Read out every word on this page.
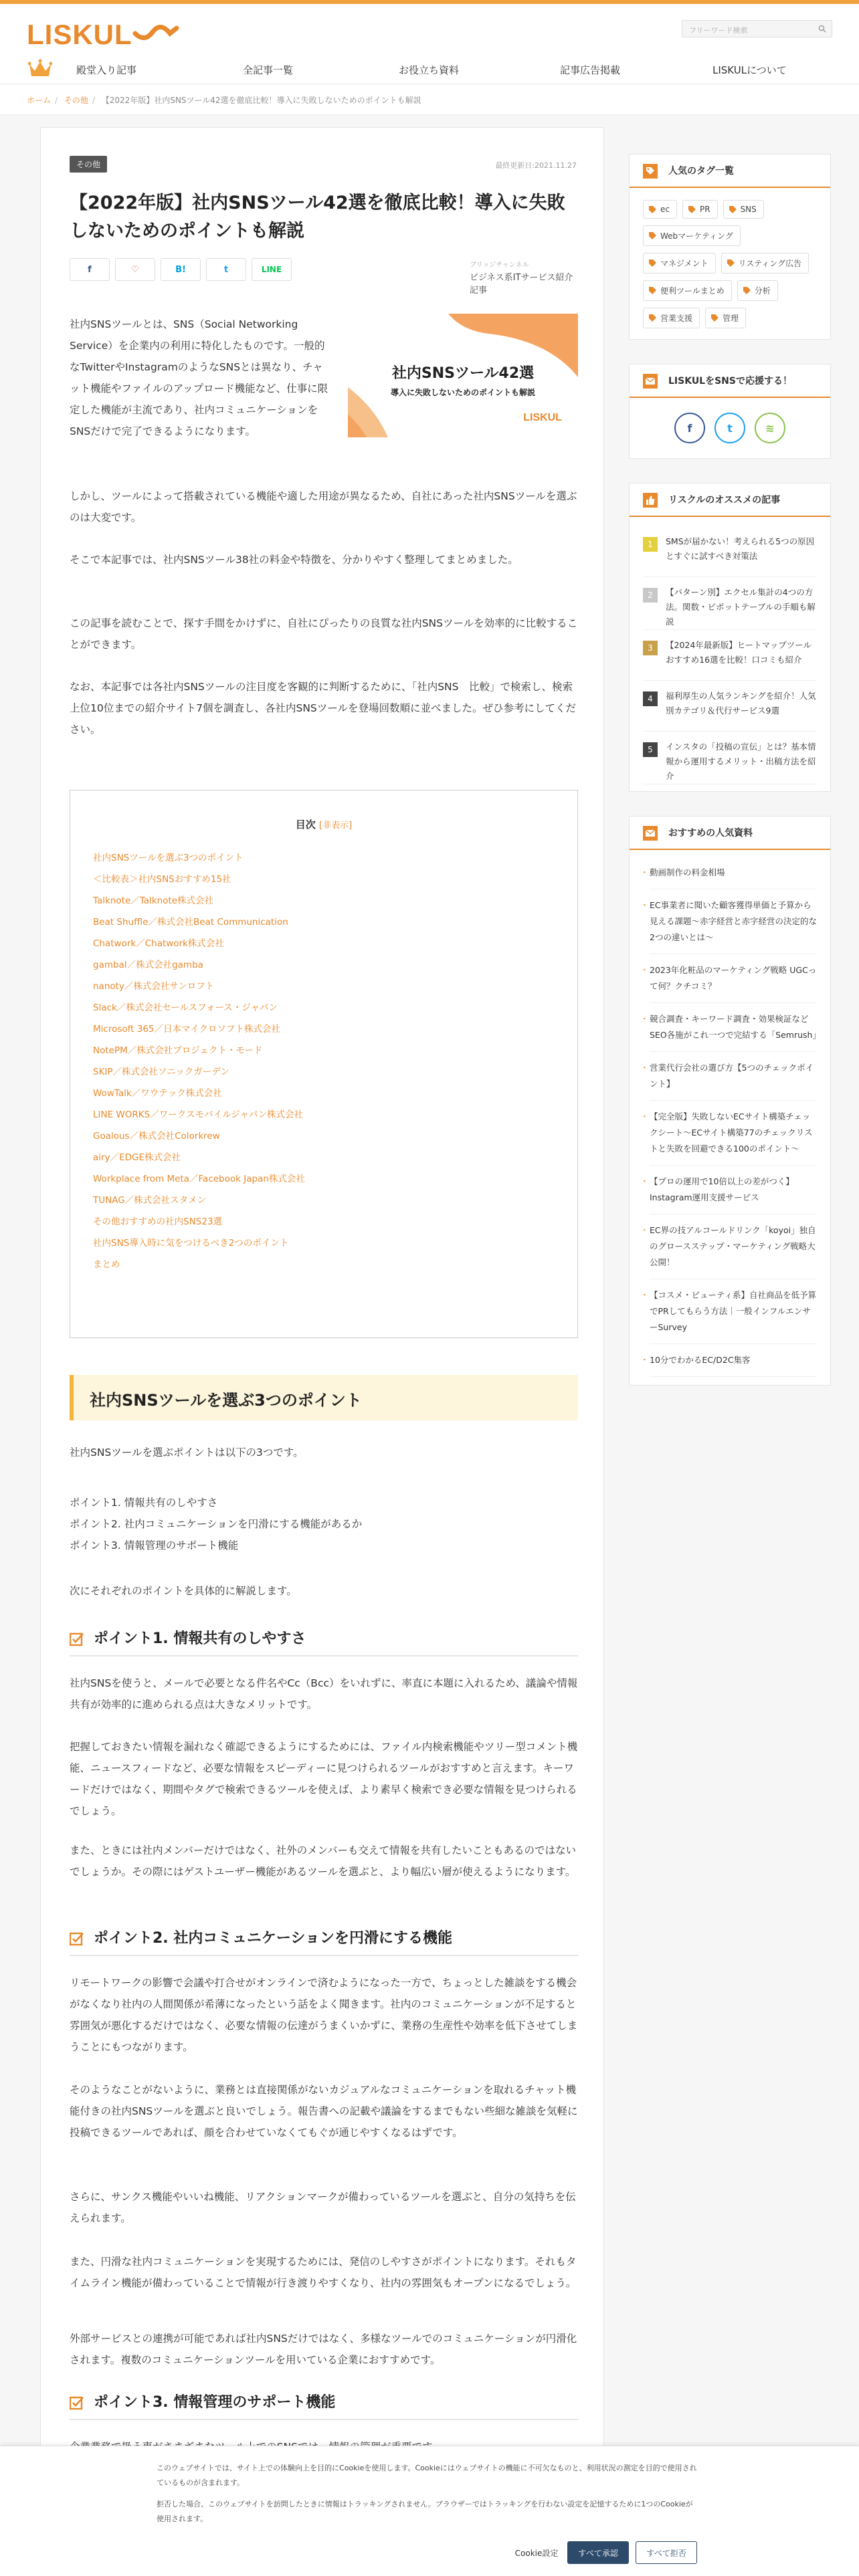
LISKUL	フリーワード検索
殿堂入り記事	全記事一覧	お役立ち資料	記事広告掲載	LISKULについて
ホーム / その他 / 【2022年版】社内SNSツール42選を徹底比較！導入に失敗しないためのポイントも解説
その他	最終更新日:2021.11.27
【2022年版】社内SNSツール42選を徹底比較！導入に失敗しないためのポイントも解説
f	♡	B!	t	LINE	ブリッジチャンネル
ビジネス系ITサービス紹介記事
社内SNSツール42選
導入に失敗しないためのポイントも解説
LISKUL

社内SNSツールとは、SNS（Social Networking Service）を企業内の利用に特化したものです。一般的なTwitterやInstagramのようなSNSとは異なり、チャット機能やファイルのアップロード機能など、仕事に限定した機能が主流であり、社内コミュニケーションをSNSだけで完了できるようになります。

しかし、ツールによって搭載されている機能や適した用途が異なるため、自社にあった社内SNSツールを選ぶのは大変です。

そこで本記事では、社内SNSツール38社の料金や特徴を、分かりやすく整理してまとめました。

この記事を読むことで、探す手間をかけずに、自社にぴったりの良質な社内SNSツールを効率的に比較することができます。

なお、本記事では各社内SNSツールの注目度を客観的に判断するために、「社内SNS　比較」で検索し、検索上位10位までの紹介サイト7個を調査し、各社内SNSツールを登場回数順に並べました。ぜひ参考にしてください。

目次 [非表示]
社内SNSツールを選ぶ3つのポイント
＜比較表＞社内SNSおすすめ15社
Talknote／Talknote株式会社
Beat Shuffle／株式会社Beat Communication
Chatwork／Chatwork株式会社
gambal／株式会社gambа
nanoty／株式会社サンロフト
Slack／株式会社セールスフォース・ジャパン
Microsoft 365／日本マイクロソフト株式会社
NotePM／株式会社プロジェクト・モード
SKIP／株式会社ソニックガーデン
WowTalk／ワウテック株式会社
LINE WORKS／ワークスモバイルジャパン株式会社
Goalous／株式会社Colorkrew
airy／EDGE株式会社
Workplace from Meta／Facebook Japan株式会社
TUNAG／株式会社スタメン
その他おすすめの社内SNS23選
社内SNS導入時に気をつけるべき2つのポイント
まとめ
社内SNSツールを選ぶ3つのポイント

社内SNSツールを選ぶポイントは以下の3つです。

ポイント1. 情報共有のしやすさ

ポイント2. 社内コミュニケーションを円滑にする機能があるか

ポイント3. 情報管理のサポート機能

次にそれぞれのポイントを具体的に解説します。

ポイント1. 情報共有のしやすさ

社内SNSを使うと、メールで必要となる件名やCc（Bcc）をいれずに、率直に本題に入れるため、議論や情報共有が効率的に進められる点は大きなメリットです。

把握しておきたい情報を漏れなく確認できるようにするためには、ファイル内検索機能やツリー型コメント機能、ニュースフィードなど、必要な情報をスピーディーに見つけられるツールがおすすめと言えます。キーワードだけではなく、期間やタグで検索できるツールを使えば、より素早く検索でき必要な情報を見つけられるでしょう。

また、ときには社内メンバーだけではなく、社外のメンバーも交えて情報を共有したいこともあるのではないでしょうか。その際にはゲストユーザー機能があるツールを選ぶと、より幅広い層が使えるようになります。

ポイント2. 社内コミュニケーションを円滑にする機能

リモートワークの影響で会議や打合せがオンラインで済むようになった一方で、ちょっとした雑談をする機会がなくなり社内の人間関係が希薄になったという話をよく聞きます。社内のコミュニケーションが不足すると雰囲気が悪化するだけではなく、必要な情報の伝達がうまくいかずに、業務の生産性や効率を低下させてしまうことにもつながります。

そのようなことがないように、業務とは直接関係がないカジュアルなコミュニケーションを取れるチャット機能付きの社内SNSツールを選ぶと良いでしょう。報告書への記載や議論をするまでもない些細な雑談を気軽に投稿できるツールであれば、顔を合わせていなくてもぐが通じやすくなるはずです。

さらに、サンクス機能やいいね機能、リアクションマークが備わっているツールを選ぶと、自分の気持ちを伝えられます。

また、円滑な社内コミュニケーションを実現するためには、発信のしやすさがポイントになります。それもタイムライン機能が備わっていることで情報が行き渡りやすくなり、社内の雰囲気もオープンになるでしょう。

外部サービスとの連携が可能であれば社内SNSだけではなく、多様なツールでのコミュニケーションが円滑化されます。複数のコミュニケーションツールを用いている企業におすすめです。

ポイント3. 情報管理のサポート機能

人気のタグ一覧
ec	PR	SNS
Webマーケティング
マネジメント	リスティング広告
便利ツールまとめ	分析
営業支援	管理
LISKULをSNSで応援する！
f	t	≋
リスクルのオススメの記事
1	SMSが届かない！考えられる5つの原因とすぐに試すべき対策法
2	【パターン別】エクセル集計の4つの方法。関数・ピボットテーブルの手順も解説
3	【2024年最新版】ヒートマップツールおすすめ16選を比較！口コミも紹介
4	福利厚生の人気ランキングを紹介！人気別カテゴリ＆代行サービス9選
5	インスタの「投稿の宣伝」とは？基本情報から運用するメリット・出稿方法を紹介
おすすめの人気資料
・ 動画制作の料金相場
・ EC事業者に聞いた顧客獲得単価と予算から見える課題〜赤字経営と赤字経営の決定的な2つの違いとは〜
・ 2023年化粧品のマーケティング戦略 UGCって何？クチコミ？
・ 競合調査・キーワード調査・効果検証などSEO各施がこれ一つで完結する「Semrush」
・ 営業代行会社の選び方【5つのチェックポイント】
・ 【完全版】失敗しないECサイト構築チェックシート〜ECサイト構築77のチェックリストと失敗を回避できる100のポイント〜
・ 【プロの運用で10倍以上の差がつく】Instagram運用支援サービス
・ EC界の技アルコールドリンク「koyoi」独自のグロースステップ・マーケティング戦略大公開！
・ 【コスメ・ビューティ系】自社商品を低予算でPRしてもらう方法｜一般インフルエンサーSurvey
・ 10分でわかるEC/D2C集客

このウェブサイトでは、サイト上での体験向上を目的にCookieを使用します。Cookieにはウェブサイトの機能に不可欠なものと、利用状況の測定を目的で使用されているものが含まれます。

拒否した場合、このウェブサイトを訪問したときに情報はトラッキングされません。ブラウザーではトラッキングを行わない設定を記憶するために1つのCookieが使用されます。

Cookie設定	すべて承認	すべて拒否
